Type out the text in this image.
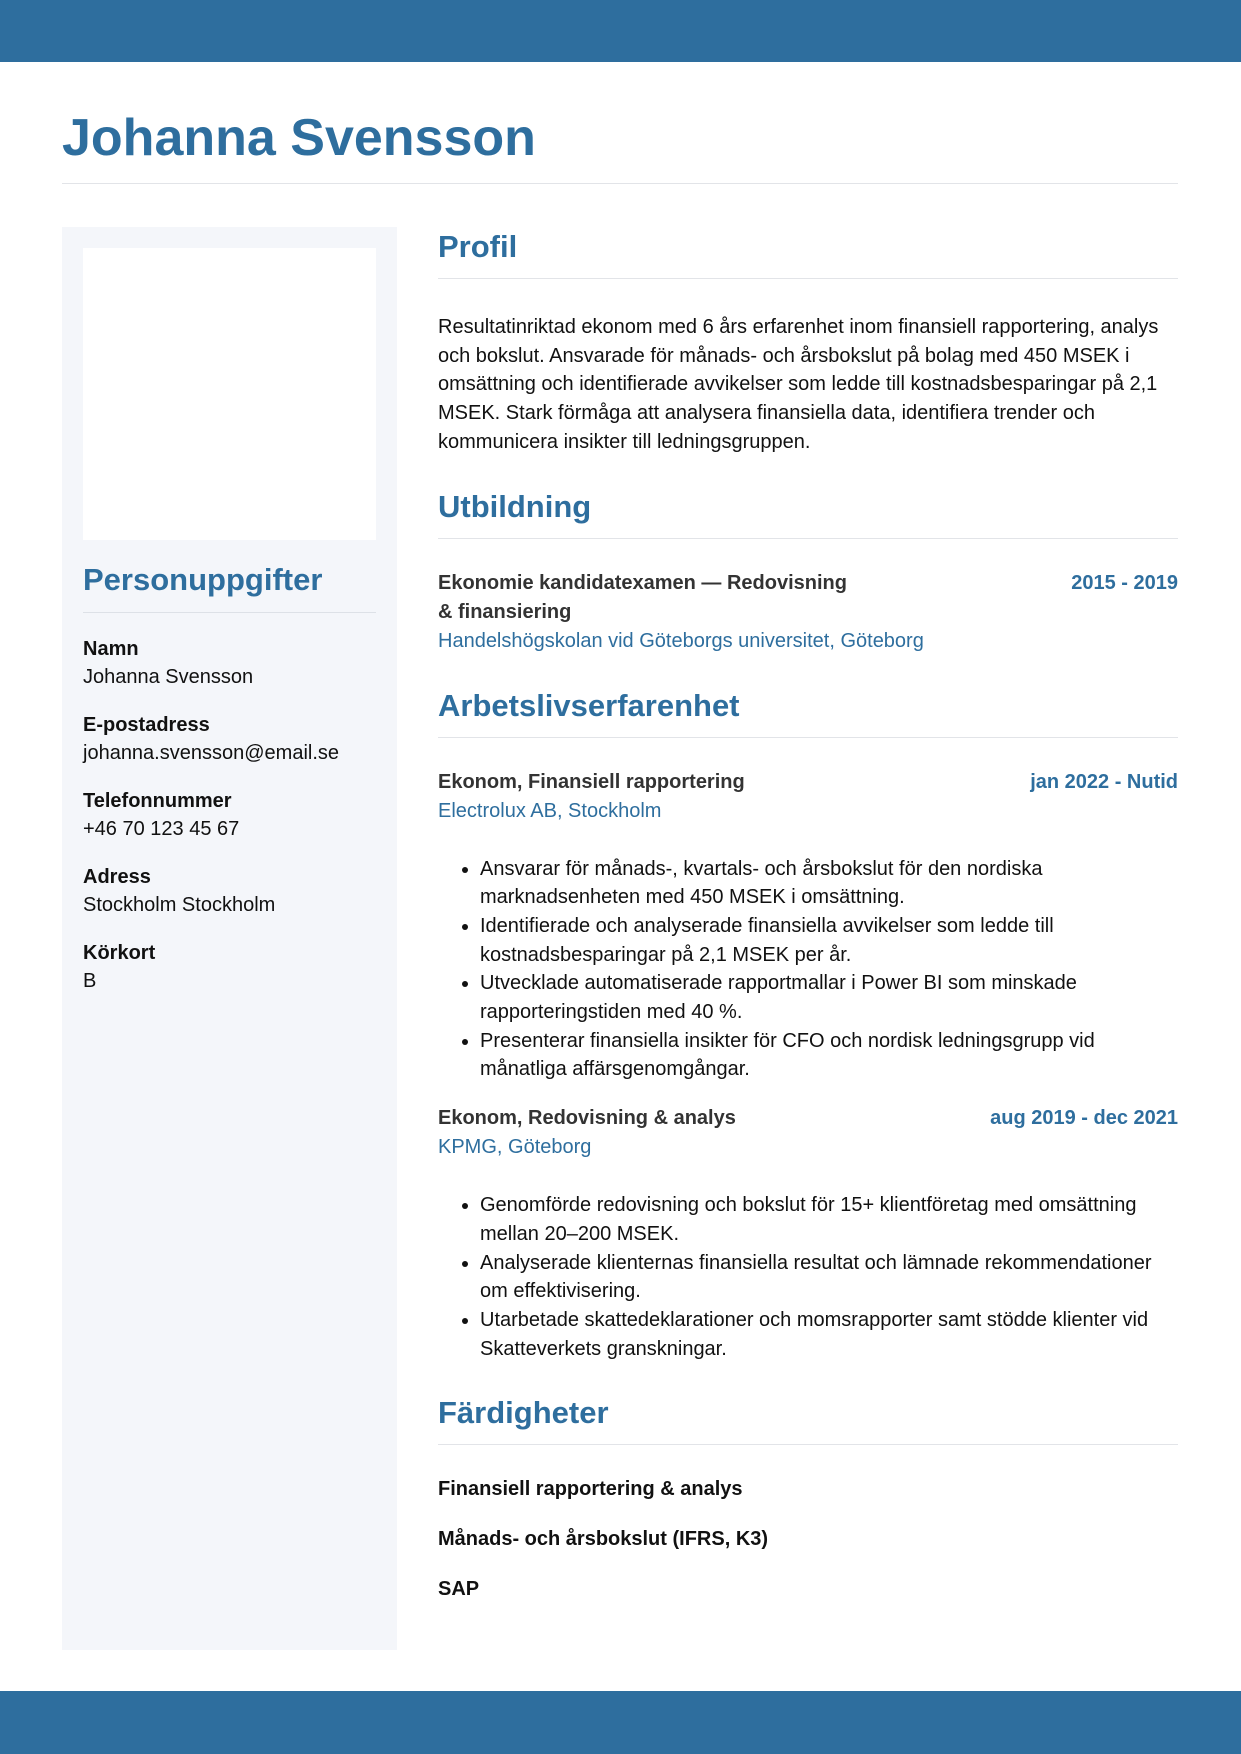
Johanna Svensson
Personuppgifter
Namn
Johanna Svensson
E-postadress
johanna.svensson@email.se
Telefonnummer
+46 70 123 45 67
Adress
Stockholm Stockholm
Körkort
B
Profil

Resultatinriktad ekonom med 6 års erfarenhet inom finansiell rapportering, analys och bokslut. Ansvarade för månads- och årsbokslut på bolag med 450 MSEK i omsättning och identifierade avvikelser som ledde till kostnadsbesparingar på 2,1 MSEK. Stark förmåga att analysera finansiella data, identifiera trender och kommunicera insikter till ledningsgruppen.

Utbildning
Ekonomie kandidatexamen — Redovisning
& finansiering
2015 - 2019
Handelshögskolan vid Göteborgs universitet, Göteborg
Arbetslivserfarenhet
Ekonom, Finansiell rapportering	jan 2022 - Nutid
Electrolux AB, Stockholm
• Ansvarar för månads-, kvartals- och årsbokslut för den nordiska marknadsenheten med 450 MSEK i omsättning.
• Identifierade och analyserade finansiella avvikelser som ledde till kostnadsbesparingar på 2,1 MSEK per år.
• Utvecklade automatiserade rapportmallar i Power BI som minskade rapporteringstiden med 40 %.
• Presenterar finansiella insikter för CFO och nordisk ledningsgrupp vid månatliga affärsgenomgångar.
Ekonom, Redovisning & analys	aug 2019 - dec 2021
KPMG, Göteborg
• Genomförde redovisning och bokslut för 15+ klientföretag med omsättning mellan 20–200 MSEK.
• Analyserade klienternas finansiella resultat och lämnade rekommendationer om effektivisering.
• Utarbetade skattedeklarationer och momsrapporter samt stödde klienter vid Skatteverkets granskningar.
Färdigheter
Finansiell rapportering & analys
Månads- och årsbokslut (IFRS, K3)
SAP
